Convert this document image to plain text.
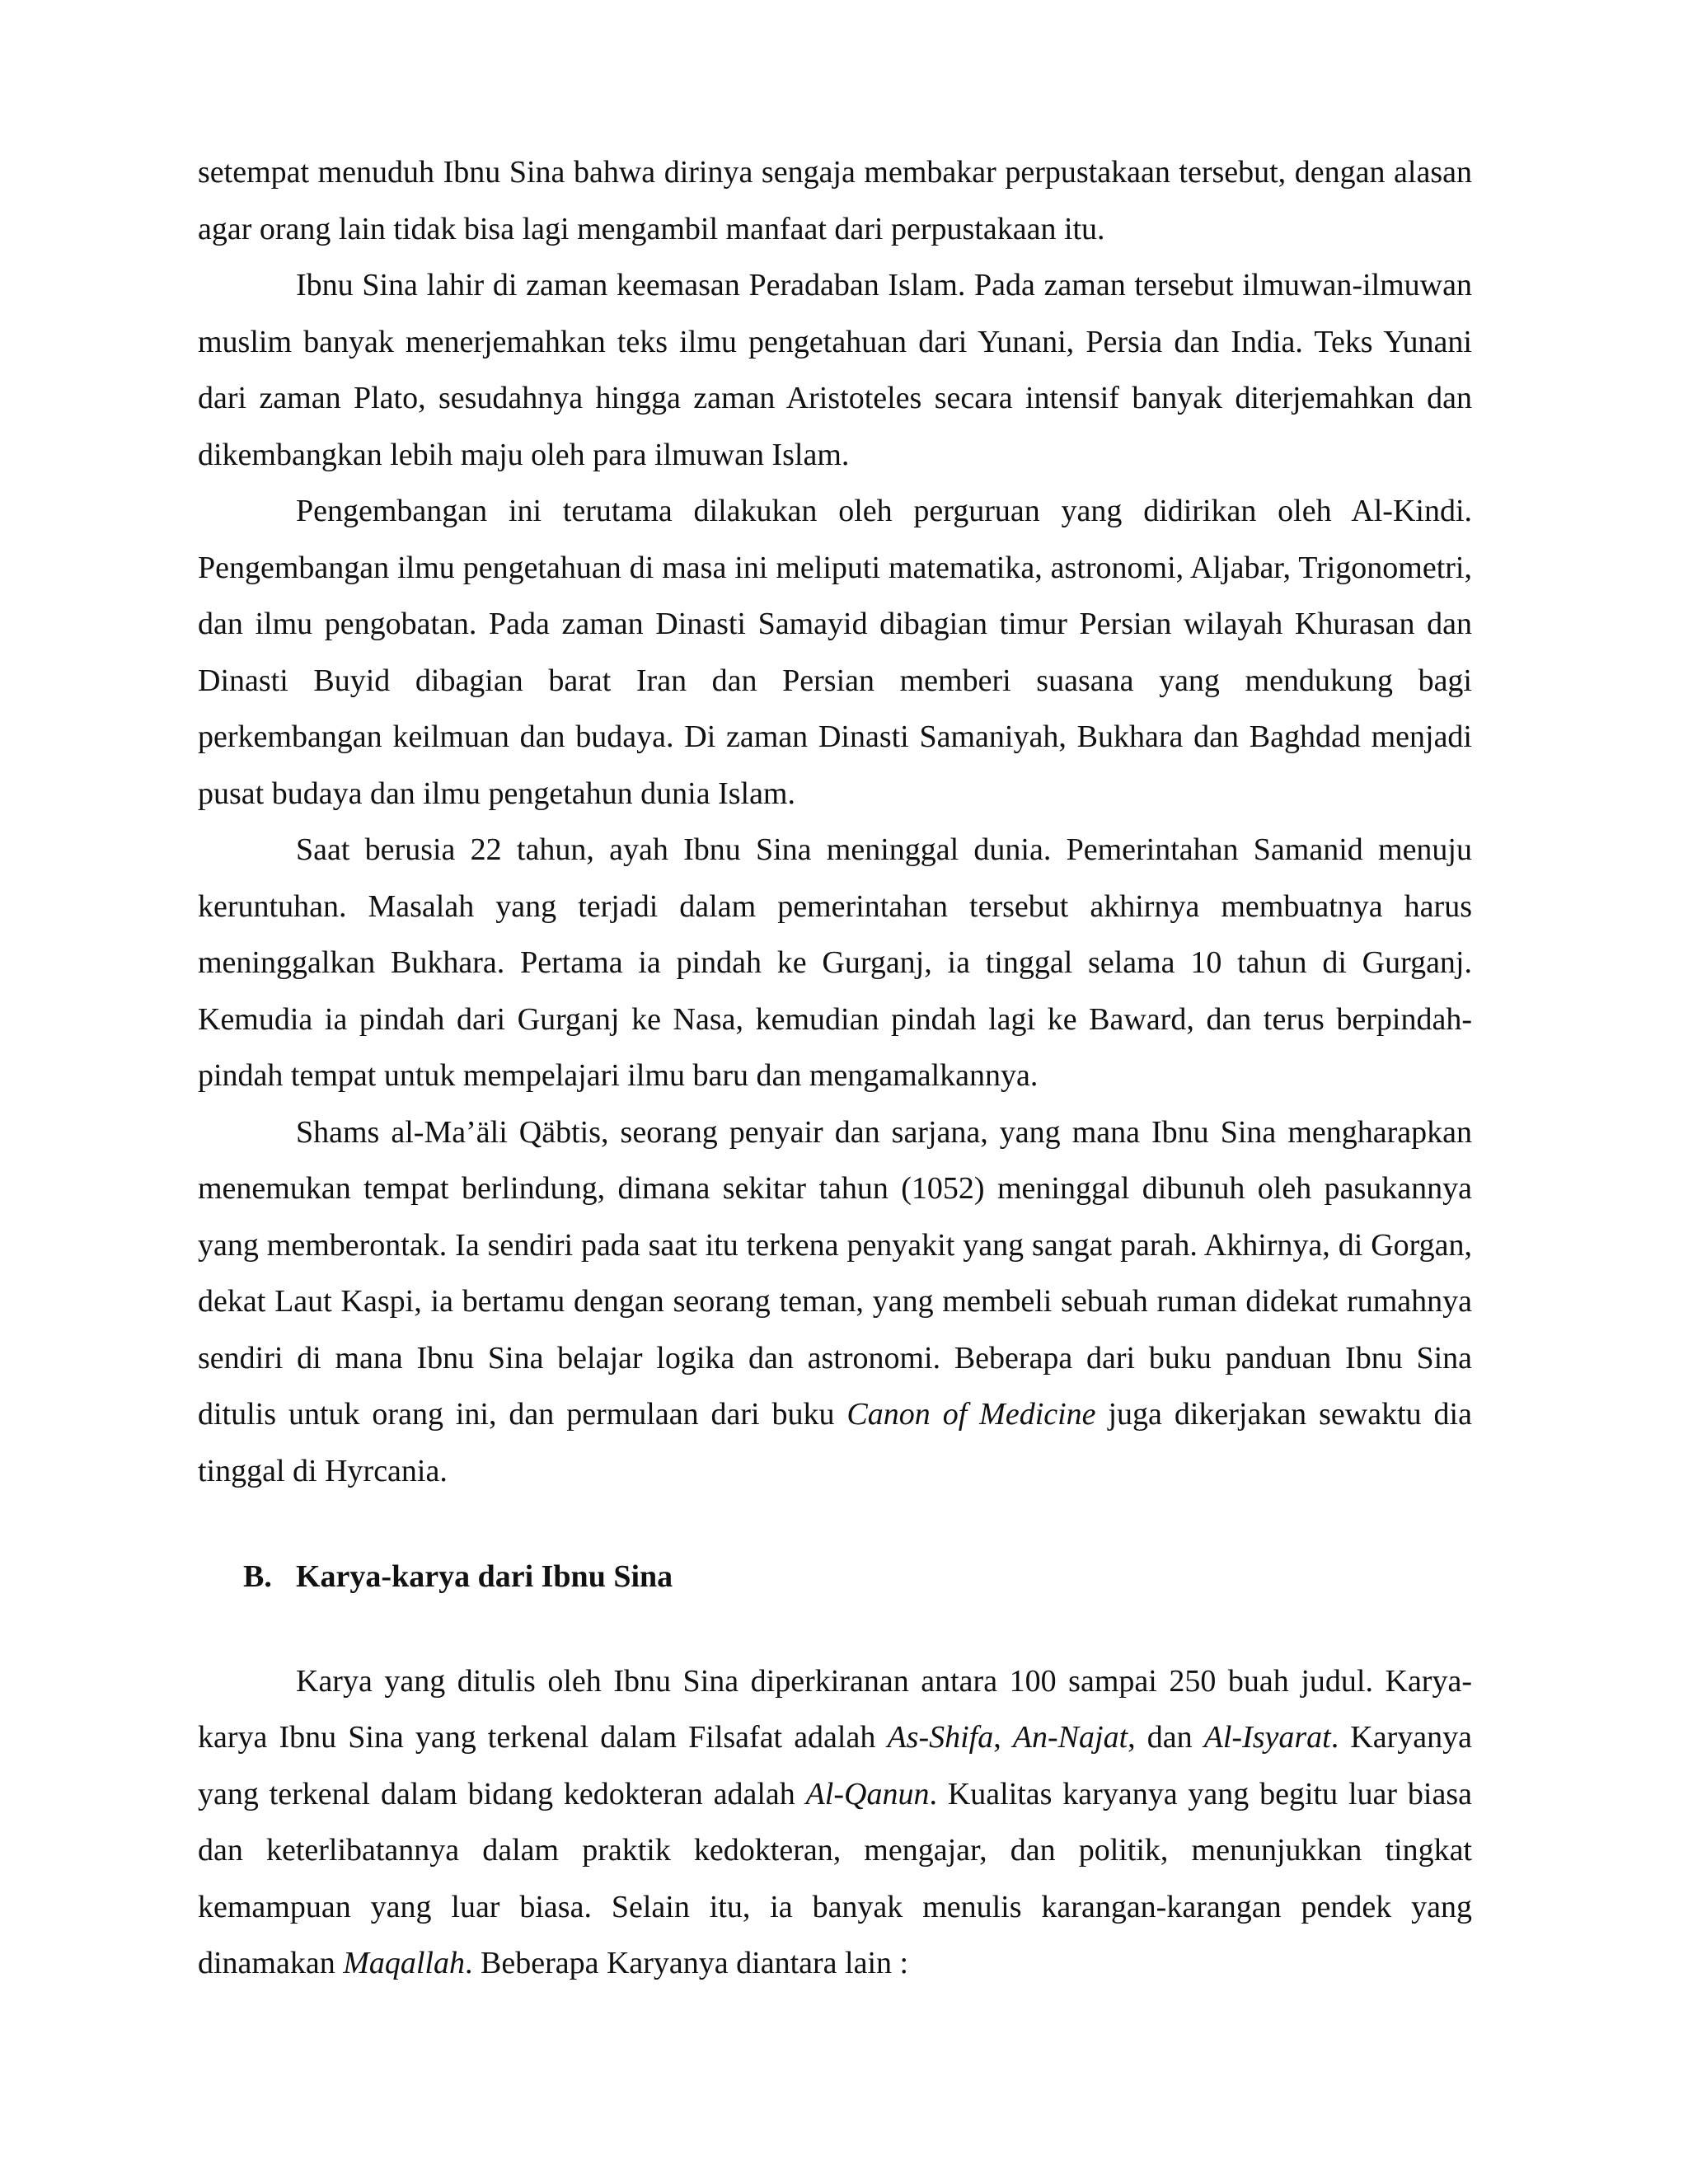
setempat menuduh Ibnu Sina bahwa dirinya sengaja membakar perpustakaan tersebut, dengan alasan agar orang lain tidak bisa lagi mengambil manfaat dari perpustakaan itu.

Ibnu Sina lahir di zaman keemasan Peradaban Islam. Pada zaman tersebut ilmuwan-ilmuwan muslim banyak menerjemahkan teks ilmu pengetahuan dari Yunani, Persia dan India. Teks Yunani dari zaman Plato, sesudahnya hingga zaman Aristoteles secara intensif banyak diterjemahkan dan dikembangkan lebih maju oleh para ilmuwan Islam.

Pengembangan ini terutama dilakukan oleh perguruan yang didirikan oleh Al-Kindi. Pengembangan ilmu pengetahuan di masa ini meliputi matematika, astronomi, Aljabar, Trigonometri, dan ilmu pengobatan. Pada zaman Dinasti Samayid dibagian timur Persian wilayah Khurasan dan Dinasti Buyid dibagian barat Iran dan Persian memberi suasana yang mendukung bagi perkembangan keilmuan dan budaya. Di zaman Dinasti Samaniyah, Bukhara dan Baghdad menjadi pusat budaya dan ilmu pengetahun dunia Islam.

Saat berusia 22 tahun, ayah Ibnu Sina meninggal dunia. Pemerintahan Samanid menuju keruntuhan. Masalah yang terjadi dalam pemerintahan tersebut akhirnya membuatnya harus meninggalkan Bukhara. Pertama ia pindah ke Gurganj, ia tinggal selama 10 tahun di Gurganj. Kemudia ia pindah dari Gurganj ke Nasa, kemudian pindah lagi ke Baward, dan terus berpindah-pindah tempat untuk mempelajari ilmu baru dan mengamalkannya.

Shams al-Ma’äli Qäbtis, seorang penyair dan sarjana, yang mana Ibnu Sina mengharapkan menemukan tempat berlindung, dimana sekitar tahun (1052) meninggal dibunuh oleh pasukannya yang memberontak. Ia sendiri pada saat itu terkena penyakit yang sangat parah. Akhirnya, di Gorgan, dekat Laut Kaspi, ia bertamu dengan seorang teman, yang membeli sebuah ruman didekat rumahnya sendiri di mana Ibnu Sina belajar logika dan astronomi. Beberapa dari buku panduan Ibnu Sina ditulis untuk orang ini, dan permulaan dari buku Canon of Medicine juga dikerjakan sewaktu dia tinggal di Hyrcania.

B. Karya-karya dari Ibnu Sina

Karya yang ditulis oleh Ibnu Sina diperkiranan antara 100 sampai 250 buah judul. Karya-karya Ibnu Sina yang terkenal dalam Filsafat adalah As-Shifa, An-Najat, dan Al-Isyarat. Karyanya yang terkenal dalam bidang kedokteran adalah Al-Qanun. Kualitas karyanya yang begitu luar biasa dan keterlibatannya dalam praktik kedokteran, mengajar, dan politik, menunjukkan tingkat kemampuan yang luar biasa. Selain itu, ia banyak menulis karangan-karangan pendek yang dinamakan Maqallah. Beberapa Karyanya diantara lain :
